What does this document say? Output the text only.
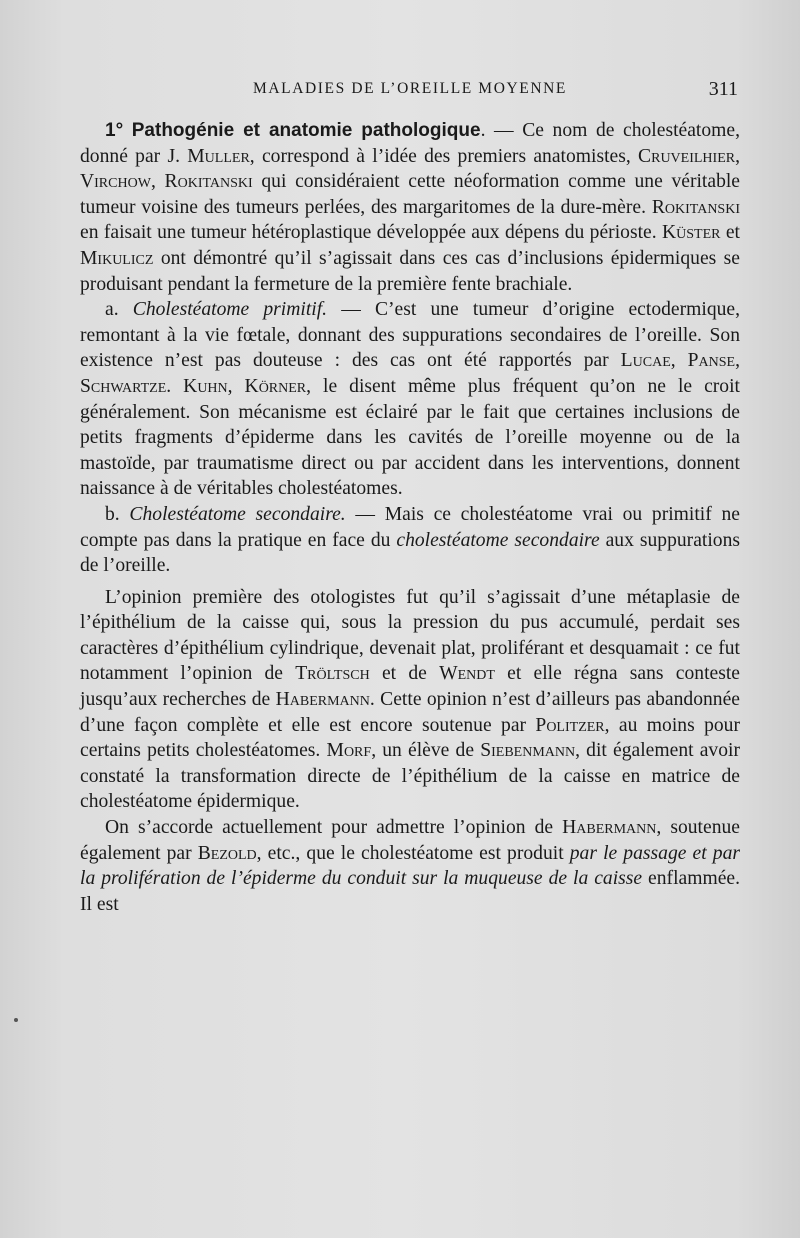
MALADIES DE L’OREILLE MOYENNE	311

1° Pathogénie et anatomie pathologique. — Ce nom de cholestéatome, donné par J. Muller, correspond à l’idée des premiers anatomistes, Cruveilhier, Virchow, Rokitanski qui considéraient cette néoformation comme une véritable tumeur voisine des tumeurs perlées, des margaritomes de la dure-mère. Rokitanski en faisait une tumeur hétéroplastique développée aux dépens du périoste. Küster et Mikulicz ont démontré qu’il s’agissait dans ces cas d’inclusions épidermiques se produisant pendant la fermeture de la première fente brachiale.

a. Cholestéatome primitif. — C’est une tumeur d’origine ectodermique, remontant à la vie fœtale, donnant des suppurations secondaires de l’oreille. Son existence n’est pas douteuse : des cas ont été rapportés par Lucae, Panse, Schwartze. Kuhn, Körner, le disent même plus fréquent qu’on ne le croit généralement. Son mécanisme est éclairé par le fait que certaines inclusions de petits fragments d’épiderme dans les cavités de l’oreille moyenne ou de la mastoïde, par traumatisme direct ou par accident dans les interventions, donnent naissance à de véritables cholestéatomes.

b. Cholestéatome secondaire. — Mais ce cholestéatome vrai ou primitif ne compte pas dans la pratique en face du cholestéatome secondaire aux suppurations de l’oreille.

L’opinion première des otologistes fut qu’il s’agissait d’une métaplasie de l’épithélium de la caisse qui, sous la pression du pus accumulé, perdait ses caractères d’épithélium cylindrique, devenait plat, proliférant et desquamait : ce fut notamment l’opinion de Tröltsch et de Wendt et elle régna sans conteste jusqu’aux recherches de Habermann. Cette opinion n’est d’ailleurs pas abandonnée d’une façon complète et elle est encore soutenue par Politzer, au moins pour certains petits cholestéatomes. Morf, un élève de Siebenmann, dit également avoir constaté la transformation directe de l’épithélium de la caisse en matrice de cholestéatome épidermique.

On s’accorde actuellement pour admettre l’opinion de Habermann, soutenue également par Bezold, etc., que le cholestéatome est produit par le passage et par la prolifération de l’épiderme du conduit sur la muqueuse de la caisse enflammée. Il est
